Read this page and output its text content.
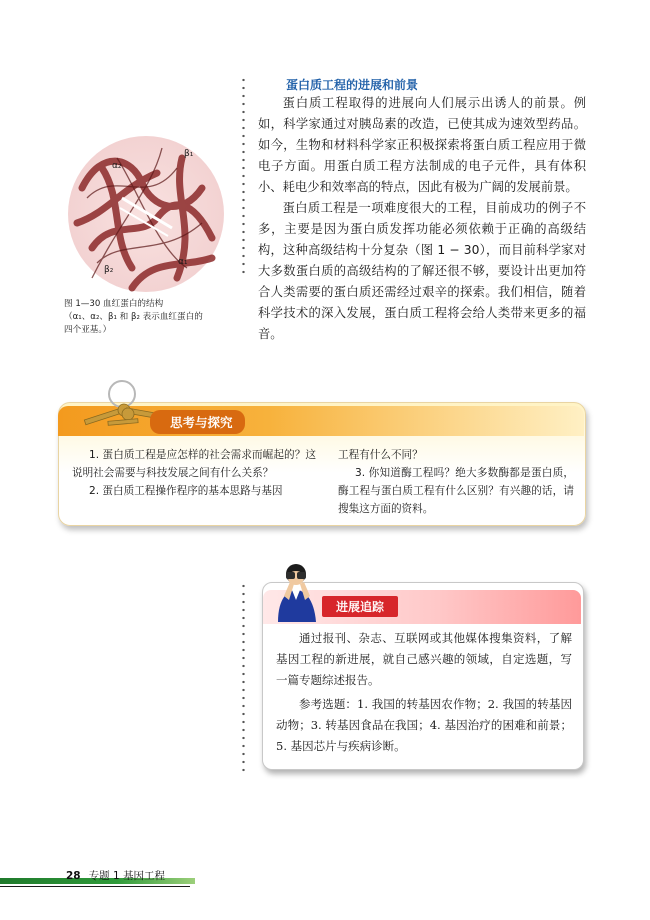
α₂
β₁
β₂
α₁
图 1—30 血红蛋白的结构
（α₁、α₂、β₁ 和 β₂ 表示血红蛋白的
四个亚基。）
蛋白质工程的进展和前景

蛋白质工程取得的进展向人们展示出诱人的前景。例如，科学家通过对胰岛素的改造，已使其成为速效型药品。如今，生物和材料科学家正积极探索将蛋白质工程应用于微电子方面。用蛋白质工程方法制成的电子元件，具有体积小、耗电少和效率高的特点，因此有极为广阔的发展前景。

蛋白质工程是一项难度很大的工程，目前成功的例子不多，主要是因为蛋白质发挥功能必须依赖于正确的高级结构，这种高级结构十分复杂（图 1 − 30），而目前科学家对大多数蛋白质的高级结构的了解还很不够，要设计出更加符合人类需要的蛋白质还需经过艰辛的探索。我们相信，随着科学技术的深入发展，蛋白质工程将会给人类带来更多的福音。

思考与探究

1. 蛋白质工程是应怎样的社会需求而崛起的？这说明社会需要与科技发展之间有什么关系？

2. 蛋白质工程操作程序的基本思路与基因

工程有什么不同？

3. 你知道酶工程吗？绝大多数酶都是蛋白质，酶工程与蛋白质工程有什么区别？有兴趣的话，请搜集这方面的资料。

进展追踪

通过报刊、杂志、互联网或其他媒体搜集资料，了解基因工程的新进展，就自己感兴趣的领域，自定选题，写一篇专题综述报告。

参考选题：1. 我国的转基因农作物；2. 我国的转基因动物；3. 转基因食品在我国；4. 基因治疗的困难和前景；5. 基因芯片与疾病诊断。

28 专题 1 基因工程
